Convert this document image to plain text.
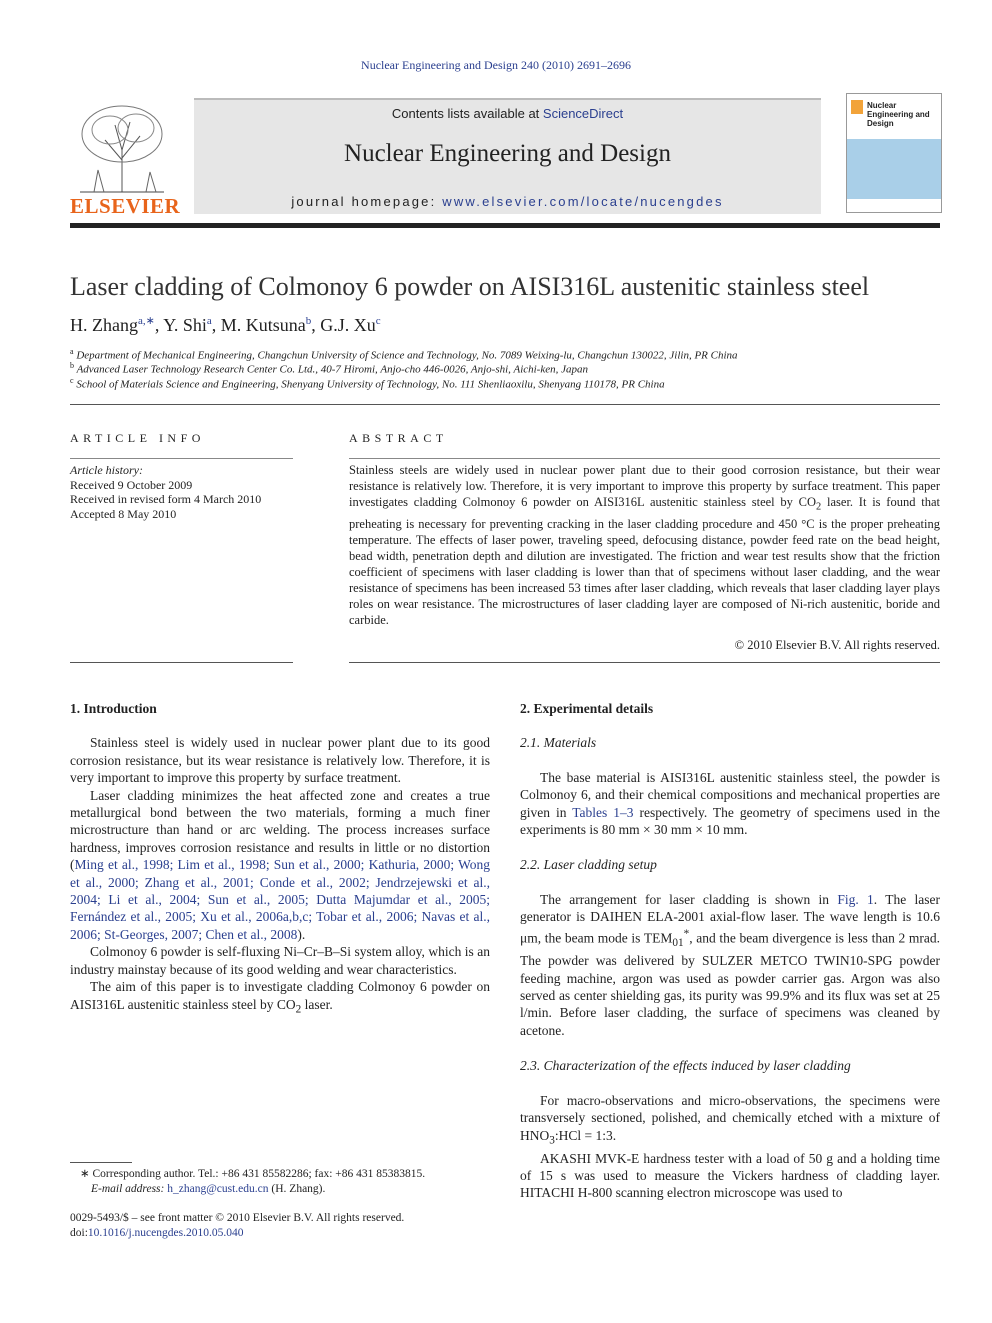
Nuclear Engineering and Design 240 (2010) 2691–2696
ELSEVIER
Contents lists available at ScienceDirect
Nuclear Engineering and Design
journal homepage: www.elsevier.com/locate/nucengdes
Nuclear Engineering and Design
Laser cladding of Colmonoy 6 powder on AISI316L austenitic stainless steel
H. Zhang$^{a,∗}$, Y. Shi$^a$, M. Kutsuna$^b$, G.J. Xu$^c$
$^a$ Department of Mechanical Engineering, Changchun University of Science and Technology, No. 7089 Weixing-lu, Changchun 130022, Jilin, PR China
$^b$ Advanced Laser Technology Research Center Co. Ltd., 40-7 Hiromi, Anjo-cho 446-0026, Anjo-shi, Aichi-ken, Japan
$^c$ School of Materials Science and Engineering, Shenyang University of Technology, No. 111 Shenliaoxilu, Shenyang 110178, PR China
ARTICLE INFO
Article history:
Received 9 October 2009
Received in revised form 4 March 2010
Accepted 8 May 2010
ABSTRACT
Stainless steels are widely used in nuclear power plant due to their good corrosion resistance, but their wear resistance is relatively low. Therefore, it is very important to improve this property by surface treatment. This paper investigates cladding Colmonoy 6 powder on AISI316L austenitic stainless steel by $CO_2$ laser. It is found that preheating is necessary for preventing cracking in the laser cladding procedure and 450 °C is the proper preheating temperature. The effects of laser power, traveling speed, defocusing distance, powder feed rate on the bead height, bead width, penetration depth and dilution are investigated. The friction and wear test results show that the friction coefficient of specimens with laser cladding is lower than that of specimens without laser cladding, and the wear resistance of specimens has been increased 53 times after laser cladding, which reveals that laser cladding layer plays roles on wear resistance. The microstructures of laser cladding layer are composed of Ni-rich austenitic, boride and carbide.
© 2010 Elsevier B.V. All rights reserved.
1. Introduction

Stainless steel is widely used in nuclear power plant due to its good corrosion resistance, but its wear resistance is relatively low. Therefore, it is very important to improve this property by surface treatment.

Laser cladding minimizes the heat affected zone and creates a true metallurgical bond between the two materials, forming a much finer microstructure than hand or arc welding. The process increases surface hardness, improves corrosion resistance and results in little or no distortion (Ming et al., 1998; Lim et al., 1998; Sun et al., 2000; Kathuria, 2000; Wong et al., 2000; Zhang et al., 2001; Conde et al., 2002; Jendrzejewski et al., 2004; Li et al., 2004; Sun et al., 2005; Dutta Majumdar et al., 2005; Fernández et al., 2005; Xu et al., 2006a,b,c; Tobar et al., 2006; Navas et al., 2006; St-Georges, 2007; Chen et al., 2008).

Colmonoy 6 powder is self-fluxing Ni–Cr–B–Si system alloy, which is an industry mainstay because of its good welding and wear characteristics.

The aim of this paper is to investigate cladding Colmonoy 6 powder on AISI316L austenitic stainless steel by $CO_2$ laser.

∗ Corresponding author. Tel.: +86 431 85582286; fax: +86 431 85383815.
E-mail address: h_zhang@cust.edu.cn (H. Zhang).
0029-5493/$ – see front matter © 2010 Elsevier B.V. All rights reserved.
doi:10.1016/j.nucengdes.2010.05.040
2. Experimental details
2.1. Materials

The base material is AISI316L austenitic stainless steel, the powder is Colmonoy 6, and their chemical compositions and mechanical properties are given in Tables 1–3 respectively. The geometry of specimens used in the experiments is 80 mm × 30 mm × 10 mm.

2.2. Laser cladding setup

The arrangement for laser cladding is shown in Fig. 1. The laser generator is DAIHEN ELA-2001 axial-flow laser. The wave length is 10.6 μm, the beam mode is $TEM_{01}^*$, and the beam divergence is less than 2 mrad. The powder was delivered by SULZER METCO TWIN10-SPG powder feeding machine, argon was used as powder carrier gas. Argon was also served as center shielding gas, its purity was 99.9% and its flux was set at 25 l/min. Before laser cladding, the surface of specimens was cleaned by acetone.

2.3. Characterization of the effects induced by laser cladding

For macro-observations and micro-observations, the specimens were transversely sectioned, polished, and chemically etched with a mixture of $HNO_3:HCl$ = 1:3.

AKASHI MVK-E hardness tester with a load of 50 g and a holding time of 15 s was used to measure the Vickers hardness of cladding layer. HITACHI H-800 scanning electron microscope was used to
